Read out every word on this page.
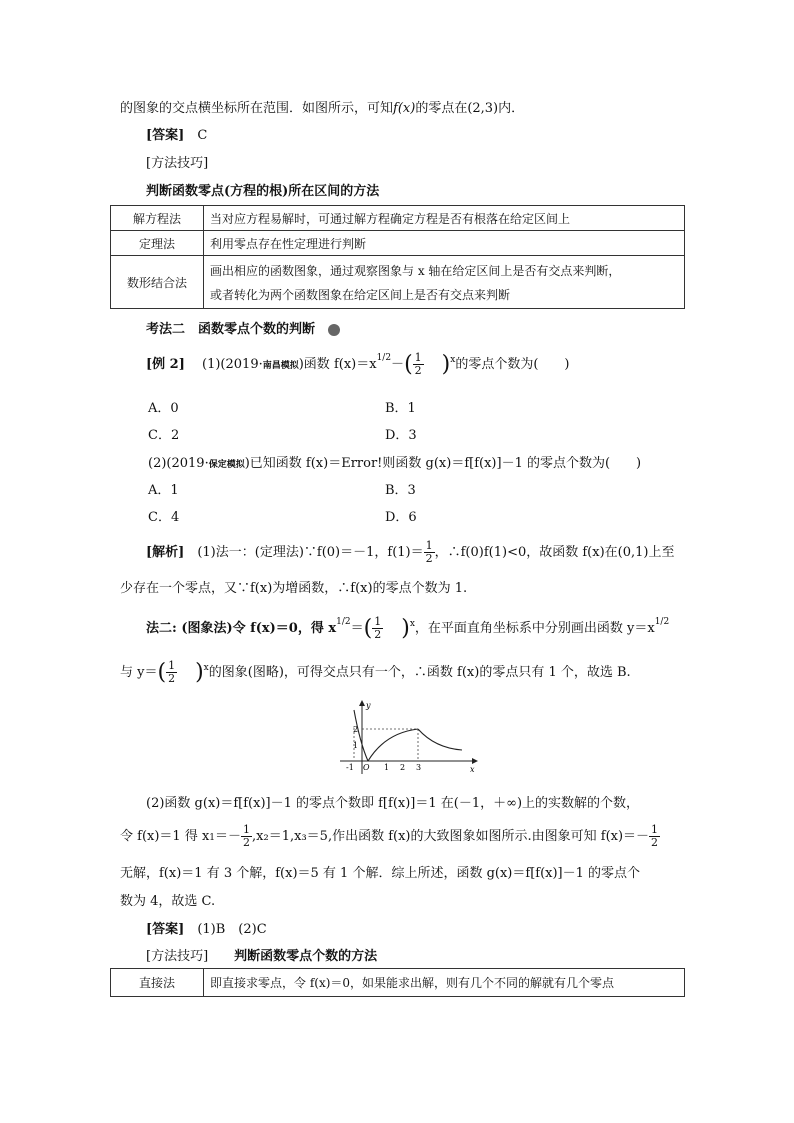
的图象的交点横坐标所在范围．如图所示，可知f(x)的零点在(2,3)内．
[答案]　 C
[方法技巧]
判断函数零点(方程的根)所在区间的方法
解方程法	当对应方程易解时，可通过解方程确定方程是否有根落在给定区间上
定理法	利用零点存在性定理进行判断
数形结合法	画出相应的函数图象，通过观察图象与 x 轴在给定区间上是否有交点来判断，
或者转化为两个函数图象在给定区间上是否有交点来判断
考法二　函数零点个数的判断
[例 2]　 (1)(2019·南昌模拟)函数 $f(x)=x^{1/2}-( \frac{1}{2} )^x$的零点个数为(　　)
A．0	B．1
C．2	D．3
(2)(2019·保定模拟)已知函数 f(x)＝Error!则函数 g(x)＝f[f(x)]－1 的零点个数为(　　)
A．1	B．3
C．4	D．6
[解析]　 (1)法一：(定理法)∵f(0)＝－1，$f(1)= \frac{1}{2}$ ，∴f(0)f(1)<0，故函数 f(x)在(0,1)上至
少存在一个零点，又∵f(x)为增函数，∴f(x)的零点个数为 1.
法二: (图象法)令 f(x)＝0，得 $x^{1/2}=( \frac{1}{2} )^x$，在平面直角坐标系中分别画出函数 $y=x^{1/2}$
与 $y=( \frac{1}{2} )^x$的图象(图略)，可得交点只有一个，∴函数 f(x)的零点只有 1 个，故选 B.
y
x
2
1
-1 O 1 2 3
(2)函数 g(x)＝f[f(x)]－1 的零点个数即 f[f(x)]＝1 在(－1，＋∞)上的实数解的个数，
令 f(x)＝1 得 $x1=- \frac{1}{2} ,x_2=1,x_3=5$,作出函数 f(x)的大致图象如图所示.由图象可知 $f(x)=- \frac{1}{2}$
无解，f(x)＝1 有 3 个解，f(x)＝5 有 1 个解．综上所述，函数 g(x)＝f[f(x)]－1 的零点个
数为 4，故选 C.
[答案]　 (1)B　(2)C
[方法技巧]　　 判断函数零点个数的方法
直接法	即直接求零点，令 f(x)＝0，如果能求出解，则有几个不同的解就有几个零点
